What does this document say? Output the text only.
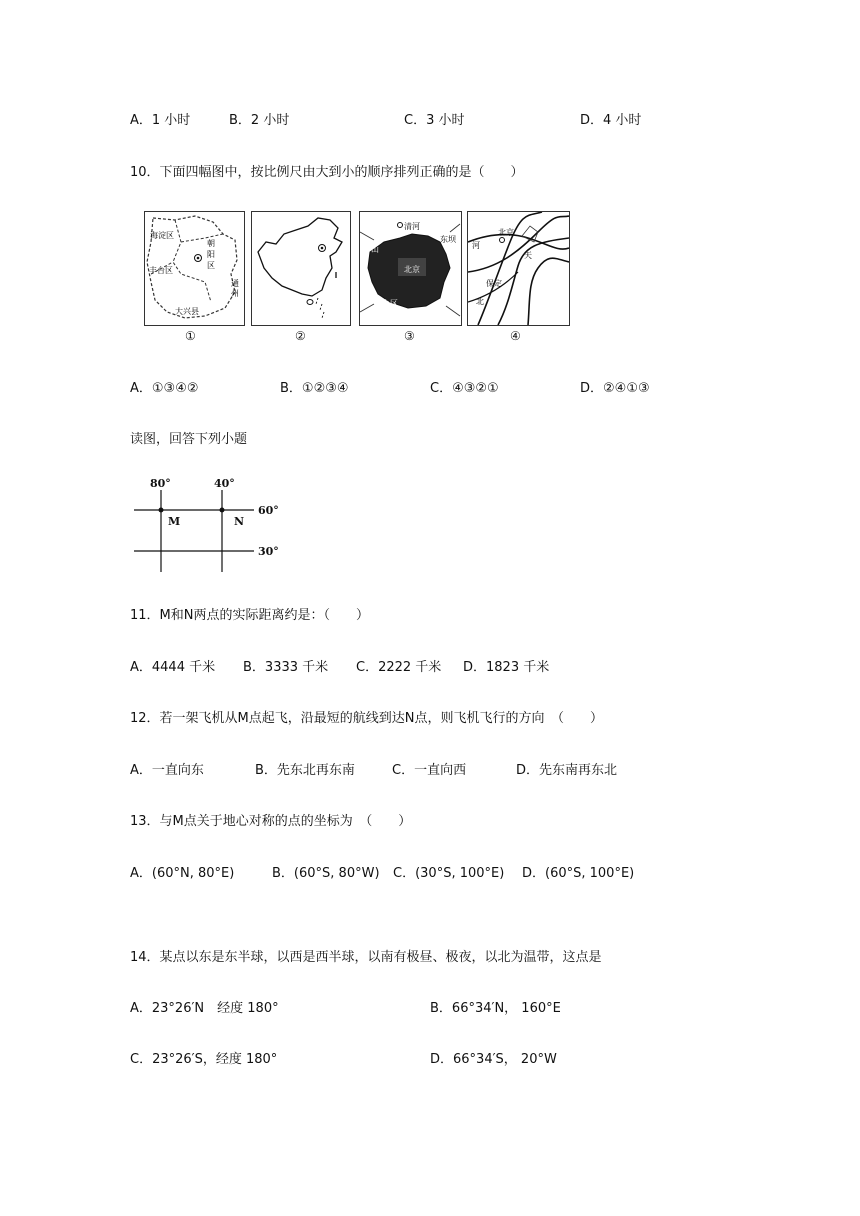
A．1 小时	B．2 小时	C．3 小时	D．4 小时
10．下面四幅图中，按比例尺由大到小的顺序排列正确的是（　　）
海淀区
朝
阳
区
丰台区
通
州
大兴县
①	②
清河
东坝
香山
北京
丰台区
③
北京
天
河
保定
北
④
A．①③④②	B．①②③④	C．④③②①	D．②④①③
读图，回答下列小题
80°	40°
60°
30°
M	N
11．M和N两点的实际距离约是：（　　）
A．4444 千米 B．3333 千米 C．2222 千米 D．1823 千米
12．若一架飞机从M点起飞，沿最短的航线到达N点，则飞机飞行的方向　（　　）
A．一直向东	B．先东北再东南	C．一直向西	D．先东南再东北
13．与M点关于地心对称的点的坐标为　（　　）
A．(60°N, 80°E)	B．(60°S, 80°W) C．(30°S, 100°E) D．(60°S, 100°E)
14．某点以东是东半球，以西是西半球，以南有极昼、极夜，以北为温带，这点是
A．23°26′N　经度 180°	B．66°34′N， 160°E
C．23°26′S，经度 180°	D．66°34′S， 20°W
